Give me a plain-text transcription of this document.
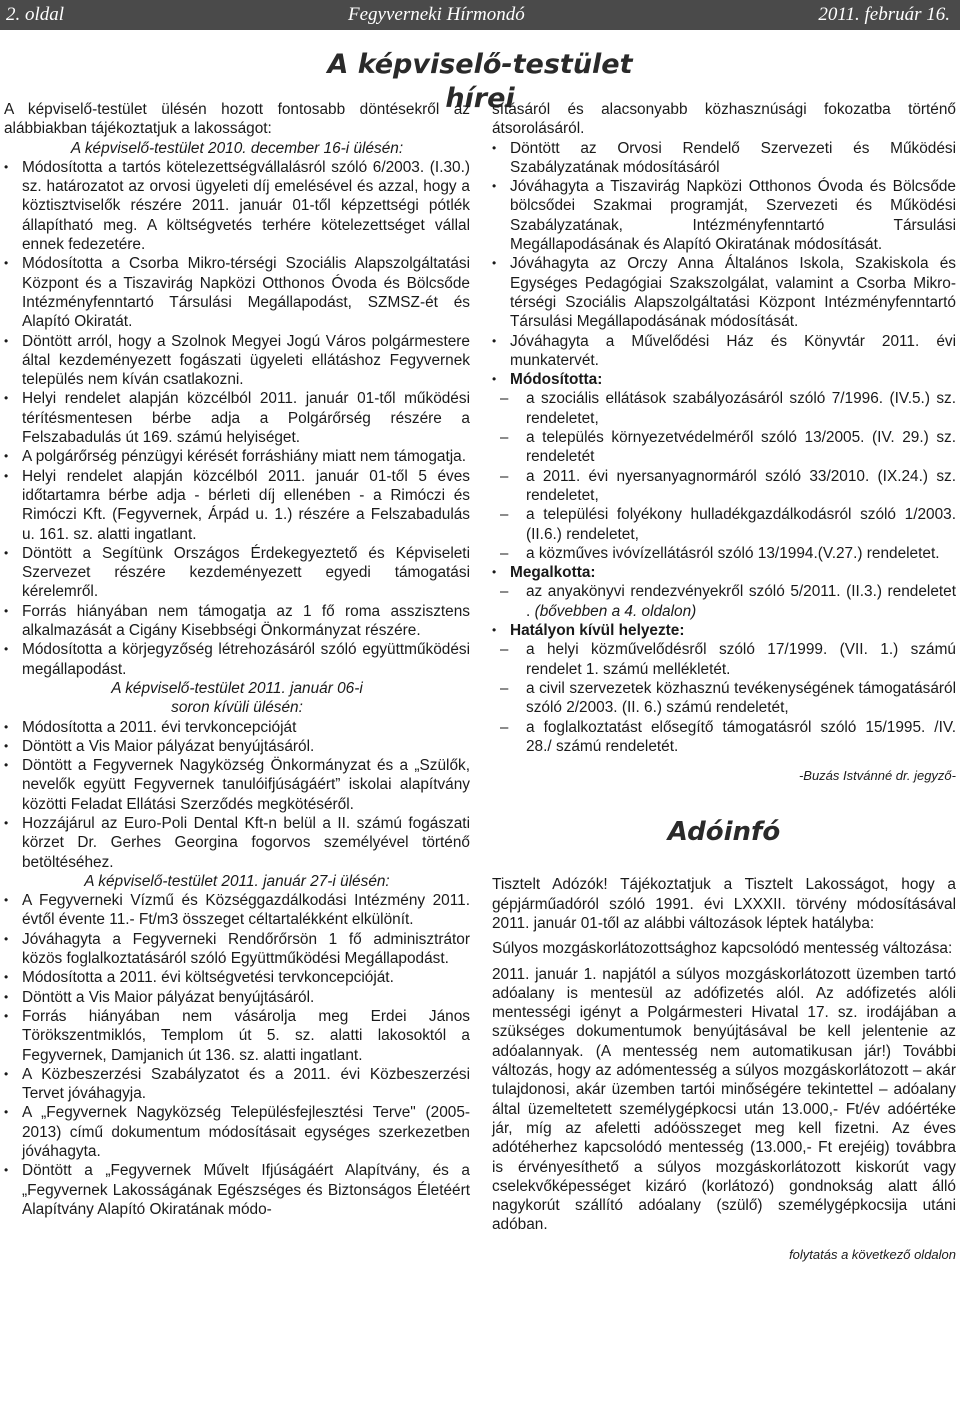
2. oldal	Fegyverneki Hírmondó	2011. február 16.
A képviselő-testület hírei

A képviselő-testület ülésén hozott fontosabb döntésekről az alábbiakban tájékoztatjuk a lakosságot:

A képviselő-testület 2010. december 16-i ülésén:

• Módosította a tartós kötelezettségvállalásról szóló 6/2003. (I.30.) sz. határozatot az orvosi ügyeleti díj emelésével és azzal, hogy a köztisztviselők részére 2011. január 01-től képzettségi pótlék állapítható meg. A költségvetés terhére kötelezettséget vállal ennek fedezetére.
• Módosította a Csorba Mikro-térségi Szociális Alapszolgáltatási Központ és a Tiszavirág Napközi Otthonos Óvoda és Bölcsőde Intézményfenntartó Társulási Megállapodást, SZMSZ-ét és Alapító Okiratát.
• Döntött arról, hogy a Szolnok Megyei Jogú Város polgármestere által kezdeményezett fogászati ügyeleti ellátáshoz Fegyvernek település nem kíván csatlakozni.
• Helyi rendelet alapján közcélból 2011. január 01-től működési térítésmentesen bérbe adja a Polgárőrség részére a Felszabadulás út 169. számú helyiséget.
• A polgárőrség pénzügyi kérését forráshiány miatt nem támogatja.
• Helyi rendelet alapján közcélból 2011. január 01-től 5 éves időtartamra bérbe adja - bérleti díj ellenében - a Rimóczi és Rimóczi Kft. (Fegyvernek, Árpád u. 1.) részére a Felszabadulás u. 161. sz. alatti ingatlant.
• Döntött a Segítünk Országos Érdekegyeztető és Képviseleti Szervezet részére kezdeményezett egyedi támogatási kérelemről.
• Forrás hiányában nem támogatja az 1 fő roma asszisztens alkalmazását a Cigány Kisebbségi Önkormányzat részére.
• Módosította a körjegyzőség létrehozásáról szóló együttműködési megállapodást.

A képviselő-testület 2011. január 06-i
soron kívüli ülésén:

• Módosította a 2011. évi tervkoncepcióját
• Döntött a Vis Maior pályázat benyújtásáról.
• Döntött a Fegyvernek Nagyközség Önkormányzat és a „Szülők, nevelők együtt Fegyvernek tanulóifjúságáért” iskolai alapítvány közötti Feladat Ellátási Szerződés megkötéséről.
• Hozzájárul az Euro-Poli Dental Kft-n belül a II. számú fogászati körzet Dr. Gerhes Georgina fogorvos személyével történő betöltéséhez.

A képviselő-testület 2011. január 27-i ülésén:

• A Fegyverneki Vízmű és Községgazdálkodási Intézmény 2011. évtől évente 11.- Ft/m3 összeget céltartalékként elkülönít.
• Jóváhagyta a Fegyverneki Rendőrőrsön 1 fő adminisztrátor közös foglalkoztatásáról szóló Együttműködési Megállapodást.
• Módosította a 2011. évi költségvetési tervkoncepcióját.
• Döntött a Vis Maior pályázat benyújtásáról.
• Forrás hiányában nem vásárolja meg Erdei János Törökszentmiklós, Templom út 5. sz. alatti lakosoktól a Fegyvernek, Damjanich út 136. sz. alatti ingatlant.
• A Közbeszerzési Szabályzatot és a 2011. évi Közbeszerzési Tervet jóváhagyja.
• A „Fegyvernek Nagyközség Településfejlesztési Terve" (2005-2013) című dokumentum módosításait egységes szerkezetben jóváhagyta.
• Döntött a „Fegyvernek Művelt Ifjúságáért Alapítvány, és a „Fegyvernek Lakosságának Egészséges és Biztonságos Életéért Alapítvány Alapító Okiratának módo-

sításáról és alacsonyabb közhasznúsági fokozatba történő átsorolásáról.

• Döntött az Orvosi Rendelő Szervezeti és Működési Szabályzatának módosításáról
• Jóváhagyta a Tiszavirág Napközi Otthonos Óvoda és Bölcsőde bölcsődei Szakmai programját, Szervezeti és Működési Szabályzatának, Intézményfenntartó Társulási Megállapodásának és Alapító Okiratának módosítását.
• Jóváhagyta az Orczy Anna Általános Iskola, Szakiskola és Egységes Pedagógiai Szakszolgálat, valamint a Csorba Mikro-térségi Szociális Alapszolgáltatási Központ Intézményfenntartó Társulási Megállapodásának módosítását.
• Jóváhagyta a Művelődési Ház és Könyvtár 2011. évi munkatervét.
• Módosította:
– a szociális ellátások szabályozásáról szóló 7/1996. (IV.5.) sz. rendeletet,
– a település környezetvédelméről szóló 13/2005. (IV. 29.) sz. rendeletét
– a 2011. évi nyersanyagnormáról szóló 33/2010. (IX.24.) sz. rendeletet,
– a települési folyékony hulladékgazdálkodásról szóló 1/2003.(II.6.) rendeletet,
– a közműves ivóvízellátásról szóló 13/1994.(V.27.) rendeletet.
• Megalkotta:
– az anyakönyvi rendezvényekről szóló 5/2011. (II.3.) rendeletet . (bővebben a 4. oldalon)
• Hatályon kívül helyezte:
– a helyi közművelődésről szóló 17/1999. (VII. 1.) számú rendelet 1. számú mellékletét.
– a civil szervezetek közhasznú tevékenységének támogatásáról szóló 2/2003. (II. 6.) számú rendeletét,
– a foglalkoztatást elősegítő támogatásról szóló 15/1995. /IV. 28./ számú rendeletét.
-Buzás Istvánné dr. jegyző-
Adóinfó

Tisztelt Adózók! Tájékoztatjuk a Tisztelt Lakosságot, hogy a gépjárműadóról szóló 1991. évi LXXXII. törvény módosításával 2011. január 01-től az alábbi változások léptek hatályba:

Súlyos mozgáskorlátozottsághoz kapcsolódó mentesség változása:

2011. január 1. napjától a súlyos mozgáskorlátozott üzemben tartó adóalany is mentesül az adófizetés alól. Az adófizetés alóli mentességi igényt a Polgármesteri Hivatal 17. sz. irodájában a szükséges dokumentumok benyújtásával be kell jelentenie az adóalannyak. (A mentesség nem automatikusan jár!) További változás, hogy az adómentesség a súlyos mozgáskorlátozott – akár tulajdonosi, akár üzemben tartói minőségére tekintettel – adóalany által üzemeltetett személygépkocsi után 13.000,- Ft/év adóértéke jár, míg az afeletti adóösszeget meg kell fizetni. Az éves adótéherhez kapcsolódó mentesség (13.000,- Ft erejéig) továbbra is érvényesíthető a súlyos mozgáskorlátozott kiskorút vagy cselekvőképességet kizáró (korlátozó) gondnokság alatt álló nagykorút szállító adóalany (szülő) személygépkocsija utáni adóban.

folytatás a következő oldalon
